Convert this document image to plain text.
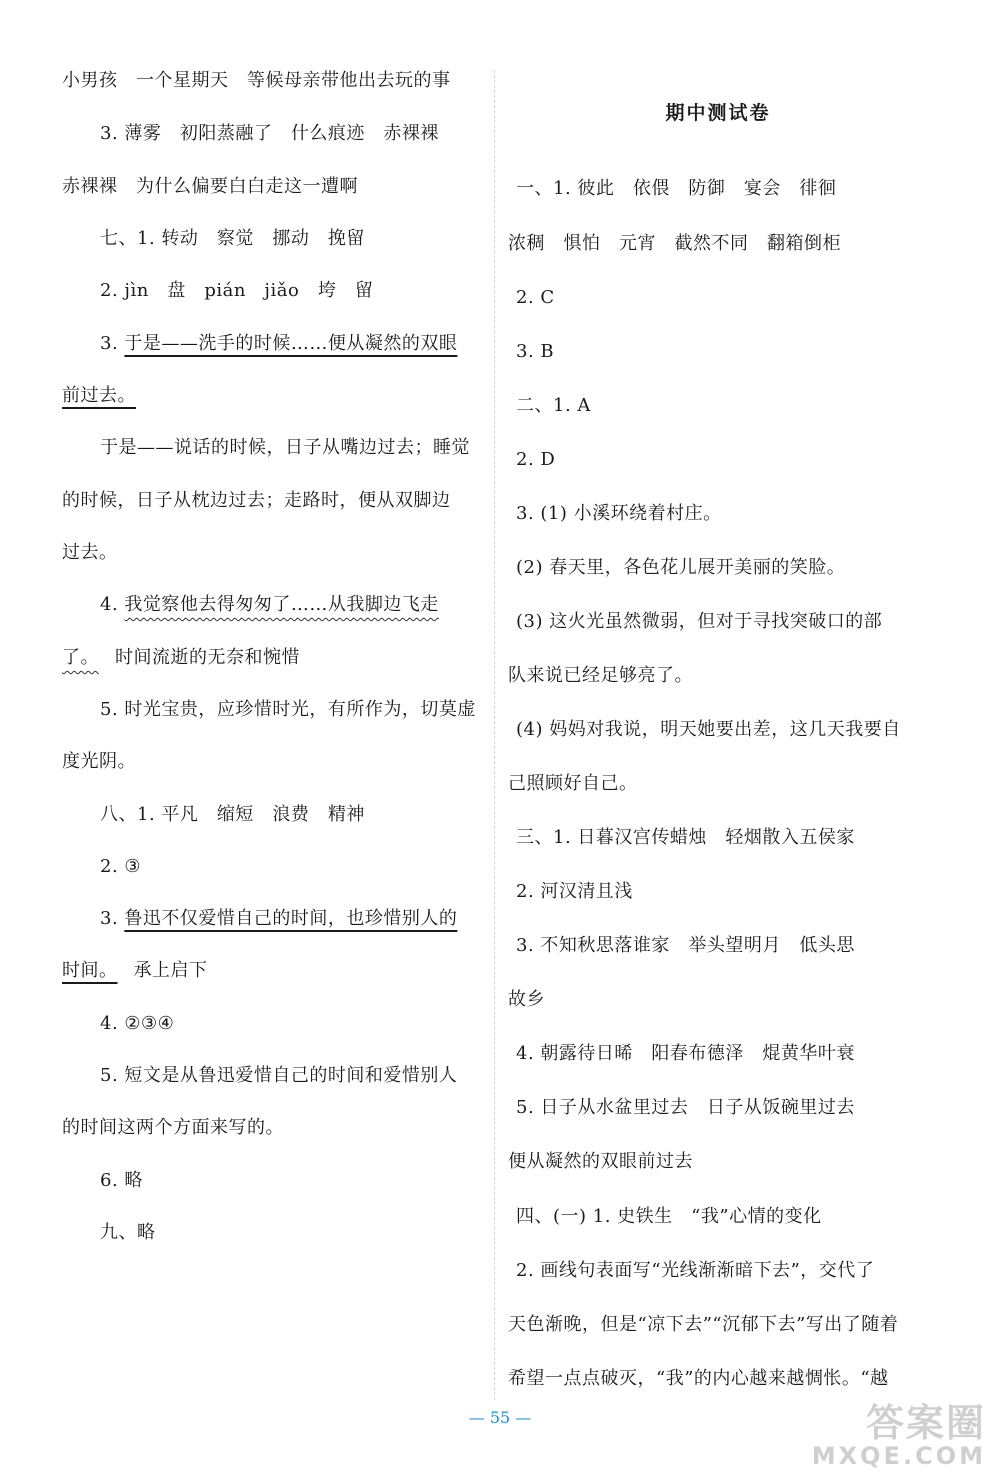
小男孩　一个星期天　等候母亲带他出去玩的事
3. 薄雾　初阳蒸融了　什么痕迹　赤裸裸
赤裸裸　为什么偏要白白走这一遭啊
七、1. 转动　察觉　挪动　挽留
2. jìn　盘　pián　jiǎo　垮　留
3. 于是——洗手的时候……便从凝然的双眼
前过去。
于是——说话的时候，日子从嘴边过去；睡觉
的时候，日子从枕边过去；走路时，便从双脚边
过去。
4. 我觉察他去得匆匆了……从我脚边飞走
了。 时间流逝的无奈和惋惜
5. 时光宝贵，应珍惜时光，有所作为，切莫虚
度光阴。
八、1. 平凡　缩短　浪费　精神
2. ③
3. 鲁迅不仅爱惜自己的时间，也珍惜别人的
时间。 承上启下
4. ②③④
5. 短文是从鲁迅爱惜自己的时间和爱惜别人
的时间这两个方面来写的。
6. 略
九、略
期中测试卷
一、1. 彼此　依偎　防御　宴会　徘徊
浓稠　惧怕　元宵　截然不同　翻箱倒柜
2. C
3. B
二、1. A
2. D
3. (1) 小溪环绕着村庄。
(2) 春天里，各色花儿展开美丽的笑脸。
(3) 这火光虽然微弱，但对于寻找突破口的部
队来说已经足够亮了。
(4) 妈妈对我说，明天她要出差，这几天我要自
己照顾好自己。
三、1. 日暮汉宫传蜡烛　轻烟散入五侯家
2. 河汉清且浅
3. 不知秋思落谁家　举头望明月　低头思
故乡
4. 朝露待日晞　阳春布德泽　焜黄华叶衰
5. 日子从水盆里过去　日子从饭碗里过去
便从凝然的双眼前过去
四、(一) 1. 史铁生　“我”心情的变化
2. 画线句表面写“光线渐渐暗下去”，交代了
天色渐晚，但是“凉下去”“沉郁下去”写出了随着
希望一点点破灭，“我”的内心越来越惆怅。“越
— 55 —	答案圈
MXQE.COM
